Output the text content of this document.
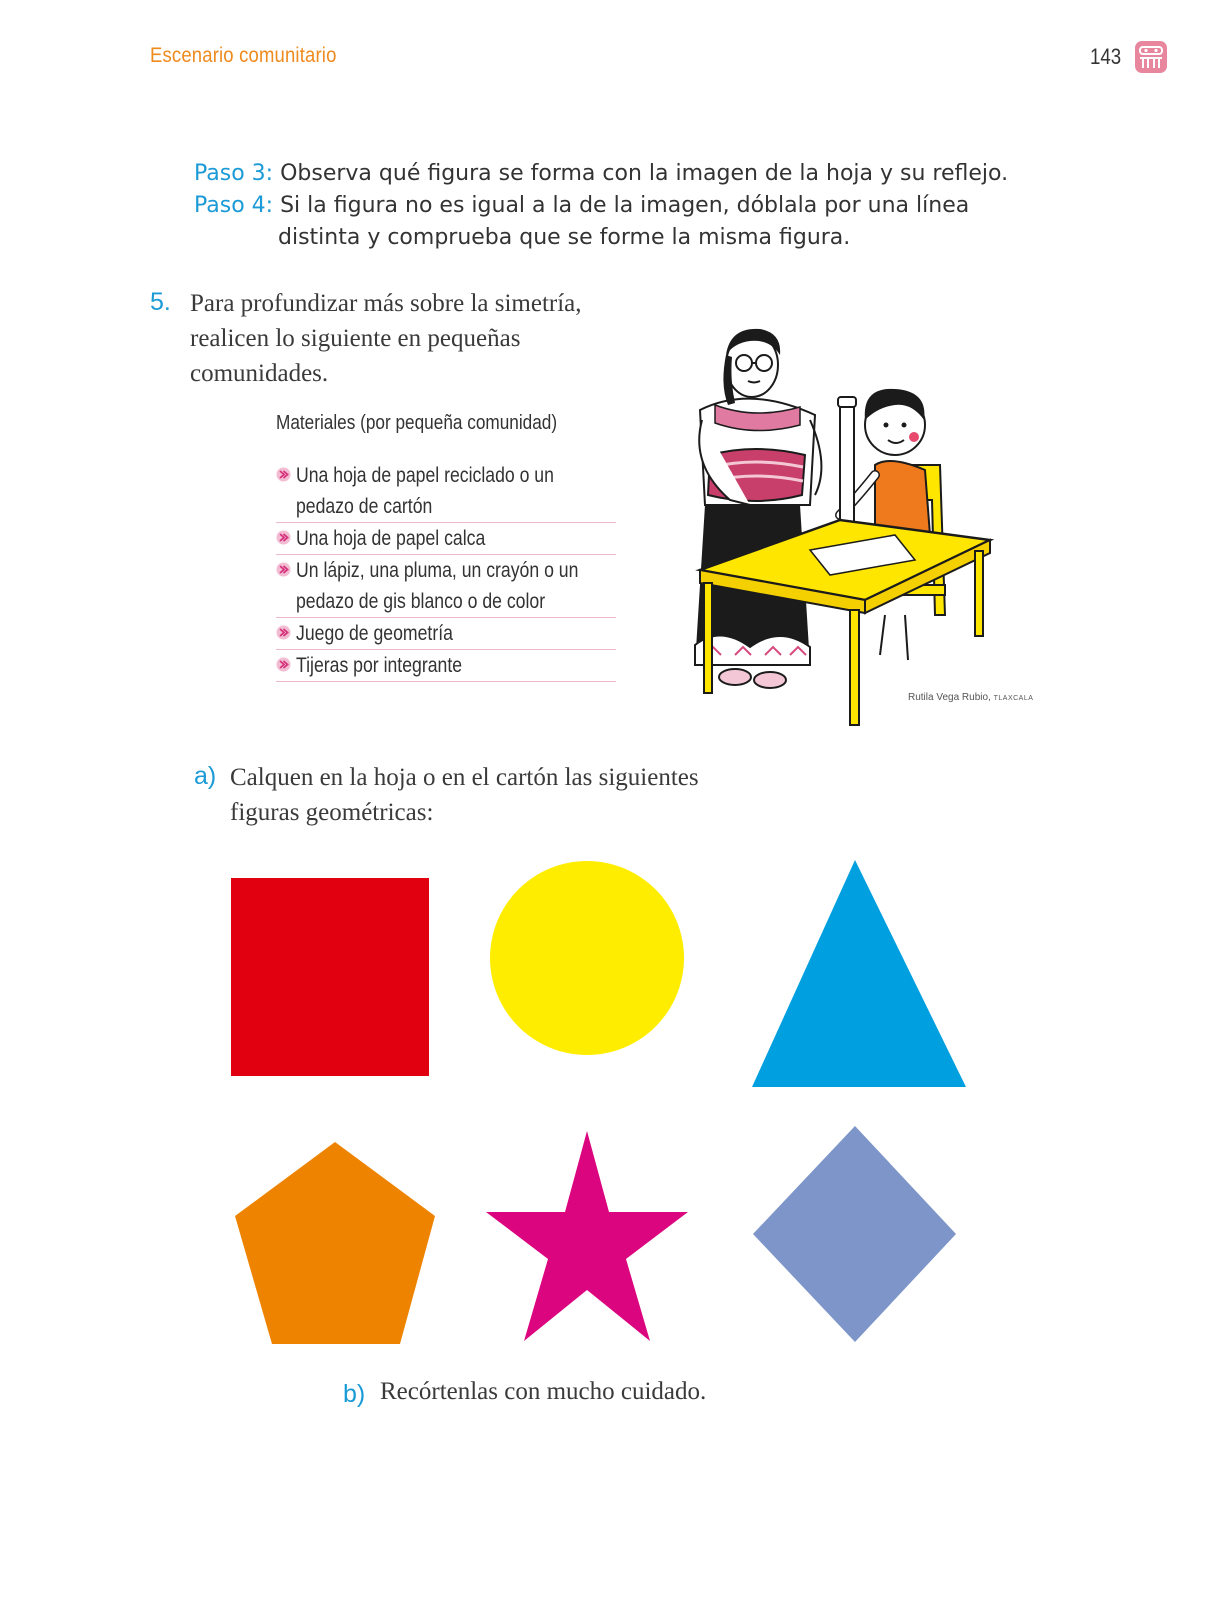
Escenario comunitario	143
Paso 3: Observa qué figura se forma con la imagen de la hoja y su reflejo.
Paso 4: Si la figura no es igual a la de la imagen, dóblala por una línea
distinta y comprueba que se forme la misma figura.
5. Para profundizar más sobre la simetría,
realicen lo siguiente en pequeñas
comunidades.
Materiales (por pequeña comunidad)
Una hoja de papel reciclado o un pedazo de cartón
Una hoja de papel calca
Un lápiz, una pluma, un crayón o un pedazo de gis blanco o de color
Juego de geometría
Tijeras por integrante
Rutila Vega Rubio, TLAXCALA
a) Calquen en la hoja o en el cartón las siguientes
figuras geométricas:
b) Recórtenlas con mucho cuidado.
